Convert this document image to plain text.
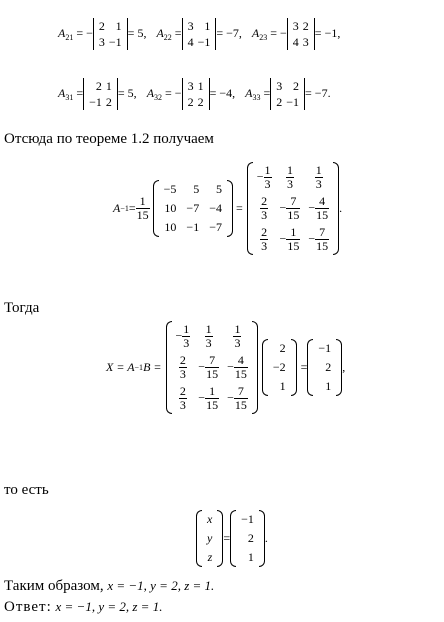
$A_{21}$ = − 2	1
3	−1
= 5, $A_{22} = 3$	1
4	−1
= −7, $A_{23}$ = − 3	2
4	3
= −1,
$A_{31} = 2$	1
−1	2
= 5, $A_{32}$ = − 3	1
2	2
= −4, $A_{33} = 3$	2
2	−1
= −7.
Отсюда по теореме 1.2 получаем
$A -1 = \frac{1}{15}$
−5	5	5
10	−7	−4
10	−1	−7
=
− $\frac{1}{3}$	$\frac{1}{3}$	$\frac{1}{3}$

$\frac{2}{3}$	− $\frac{7}{15}$	− $\frac{4}{15}$

$\frac{2}{3}$	− $\frac{1}{15}$	− $\frac{7}{15}$
.
Тогда
X = A −1 B =
− $\frac{1}{3}$	$\frac{1}{3}$	$\frac{1}{3}$

$\frac{2}{3}$	− $\frac{7}{15}$	− $\frac{4}{15}$

$\frac{2}{3}$	− $\frac{1}{15}$	− $\frac{7}{15}$
2
−2
1
=
−1
2
1
,
то есть
x
y
z
=
−1
2
1
.
Таким образом, x = −1, y = 2, z = 1.
Ответ: x = −1, y = 2, z = 1.
